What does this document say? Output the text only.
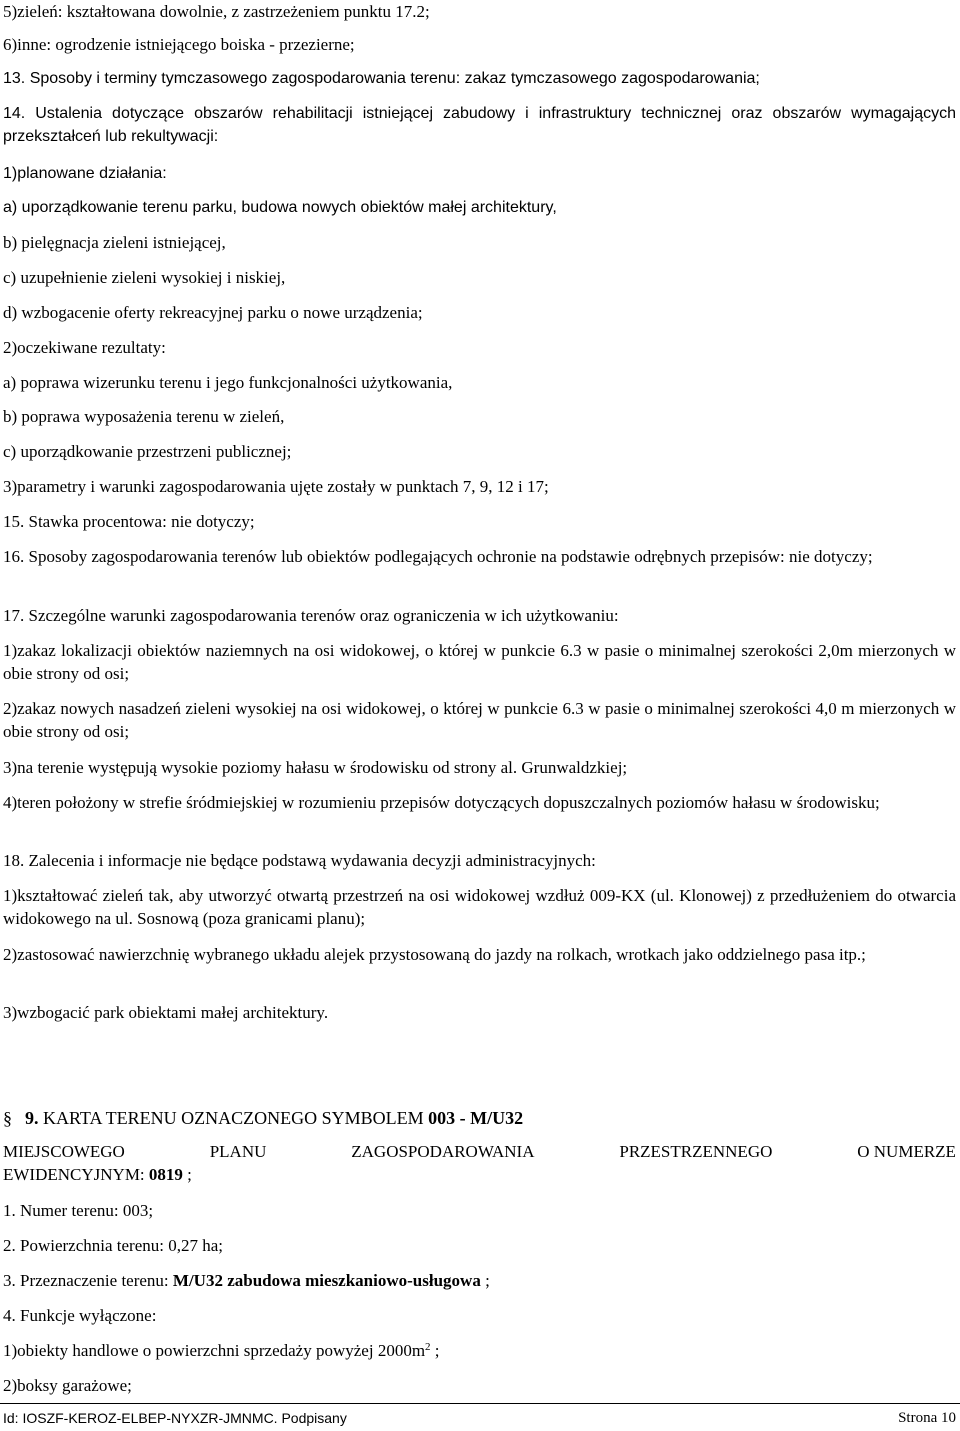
5)zieleń: kształtowana dowolnie, z zastrzeżeniem punktu 17.2;
6)inne: ogrodzenie istniejącego boiska - przezierne;
13. Sposoby i terminy tymczasowego zagospodarowania terenu: zakaz tymczasowego zagospodarowania;
14. Ustalenia dotyczące obszarów rehabilitacji istniejącej zabudowy i infrastruktury technicznej oraz obszarów wymagających przekształceń lub rekultywacji:
1)planowane działania:
a) uporządkowanie terenu parku, budowa nowych obiektów małej architektury,
b) pielęgnacja zieleni istniejącej,
c) uzupełnienie zieleni wysokiej i niskiej,
d) wzbogacenie oferty rekreacyjnej parku o nowe urządzenia;
2)oczekiwane rezultaty:
a) poprawa wizerunku terenu i jego funkcjonalności użytkowania,
b) poprawa wyposażenia terenu w zieleń,
c) uporządkowanie przestrzeni publicznej;
3)parametry i warunki zagospodarowania ujęte zostały w punktach 7, 9, 12 i 17;
15. Stawka procentowa: nie dotyczy;
16. Sposoby zagospodarowania terenów lub obiektów podlegających ochronie na podstawie odrębnych przepisów: nie dotyczy;
17. Szczególne warunki zagospodarowania terenów oraz ograniczenia w ich użytkowaniu:
1)zakaz lokalizacji obiektów naziemnych na osi widokowej, o której w punkcie 6.3 w pasie o minimalnej szerokości 2,0m mierzonych w obie strony od osi;
2)zakaz nowych nasadzeń zieleni wysokiej na osi widokowej, o której w punkcie 6.3 w pasie o minimalnej szerokości 4,0 m mierzonych w obie strony od osi;
3)na terenie występują wysokie poziomy hałasu w środowisku od strony al. Grunwaldzkiej;
4)teren położony w strefie śródmiejskiej w rozumieniu przepisów dotyczących dopuszczalnych poziomów hałasu w środowisku;
18. Zalecenia i informacje nie będące podstawą wydawania decyzji administracyjnych:
1)kształtować zieleń tak, aby utworzyć otwartą przestrzeń na osi widokowej wzdłuż 009-KX (ul. Klonowej) z przedłużeniem do otwarcia widokowego na ul. Sosnową (poza granicami planu);
2)zastosować nawierzchnię wybranego układu alejek przystosowaną do jazdy na rolkach, wrotkach jako oddzielnego pasa itp.;
3)wzbogacić park obiektami małej architektury.
§ 9. KARTA TERENU OZNACZONEGO SYMBOLEM 003 - M/U32
MIEJSCOWEGO	PLANU	ZAGOSPODAROWANIA	PRZESTRZENNEGO	O NUMERZE
EWIDENCYJNYM: 0819 ;
1. Numer terenu: 003;
2. Powierzchnia terenu: 0,27 ha;
3. Przeznaczenie terenu: M/U32 zabudowa mieszkaniowo-usługowa ;
4. Funkcje wyłączone:
1)obiekty handlowe o powierzchni sprzedaży powyżej $2000m^2$ ;
2)boksy garażowe;
Id: IOSZF-KEROZ-ELBEP-NYXZR-JMNMC. Podpisany	Strona 10
